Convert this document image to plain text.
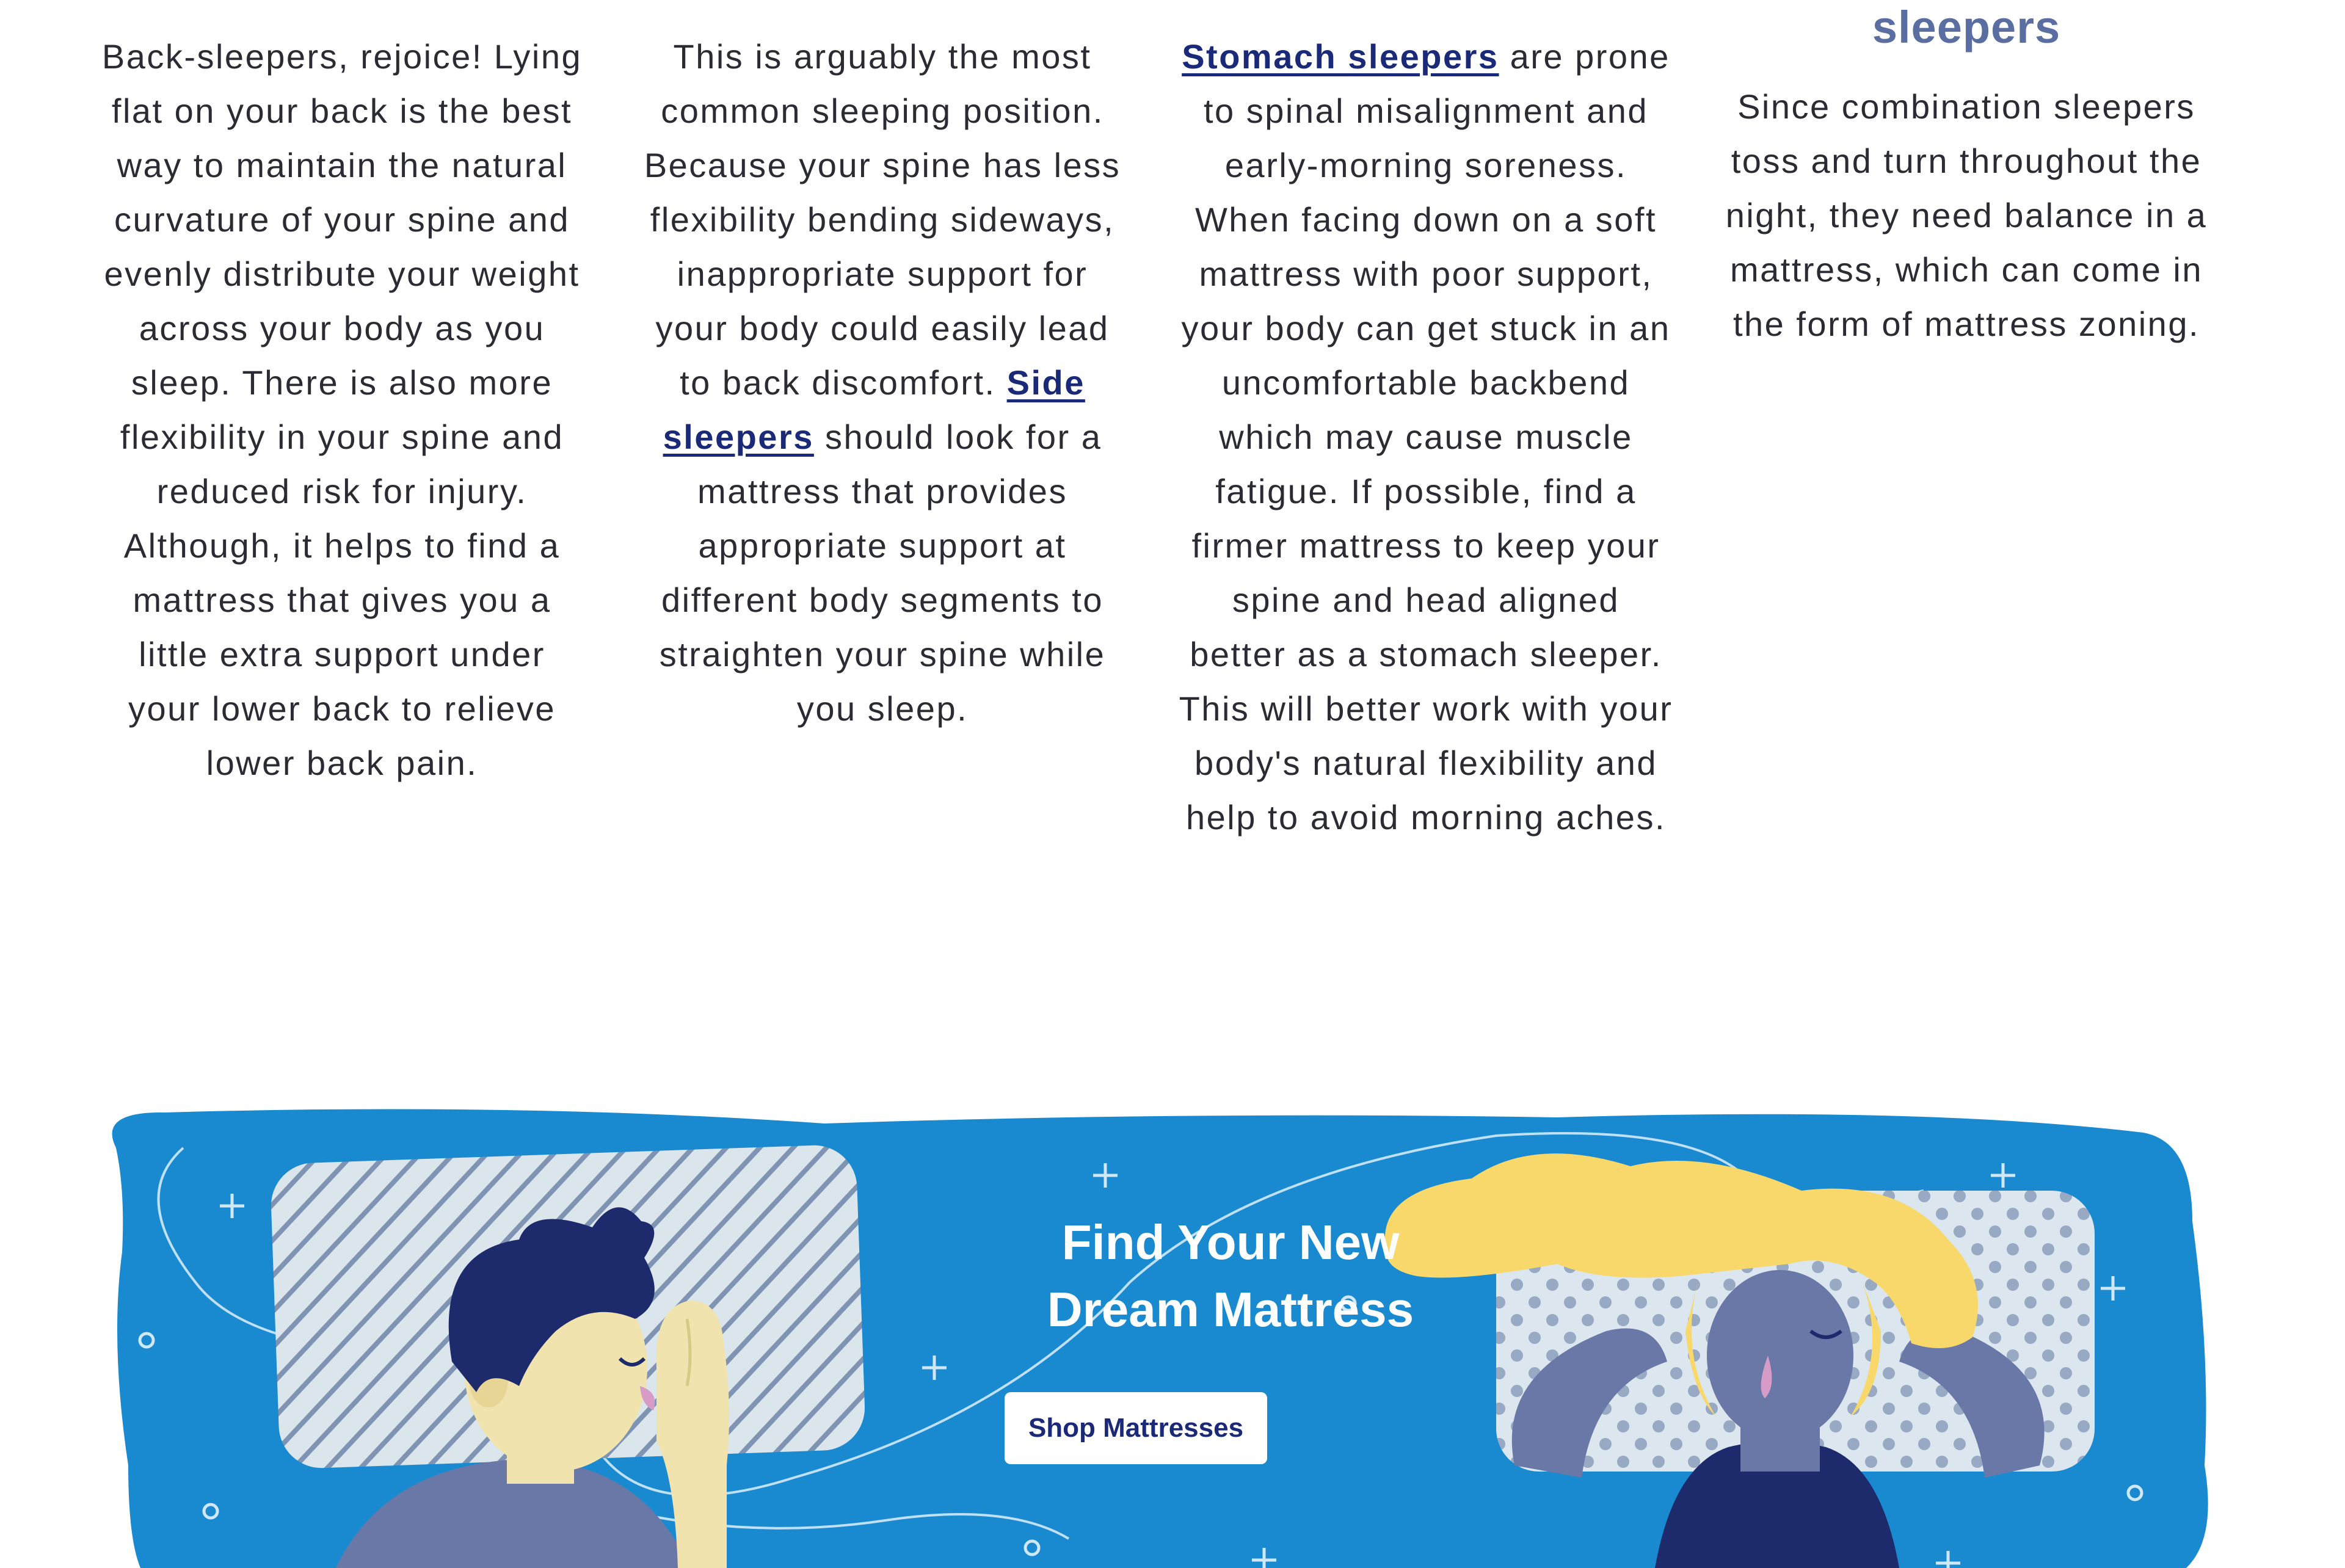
Back-sleepers, rejoice! Lying flat on your back is the best way to maintain the natural curvature of your spine and evenly distribute your weight across your body as you sleep. There is also more flexibility in your spine and reduced risk for injury. Although, it helps to find a mattress that gives you a little extra support under your lower back to relieve lower back pain.

This is arguably the most common sleeping position. Because your spine has less flexibility bending sideways, inappropriate support for your body could easily lead to back discomfort. Side sleepers should look for a mattress that provides appropriate support at different body segments to straighten your spine while you sleep.

Stomach sleepers are prone to spinal misalignment and early-morning soreness. When facing down on a soft mattress with poor support, your body can get stuck in an uncomfortable backbend which may cause muscle fatigue. If possible, find a firmer mattress to keep your spine and head aligned better as a stomach sleeper. This will better work with your body's natural flexibility and help to avoid morning aches.

sleepers

Since combination sleepers toss and turn throughout the night, they need balance in a mattress, which can come in the form of mattress zoning.

Find Your New
Dream Mattress
Shop Mattresses
